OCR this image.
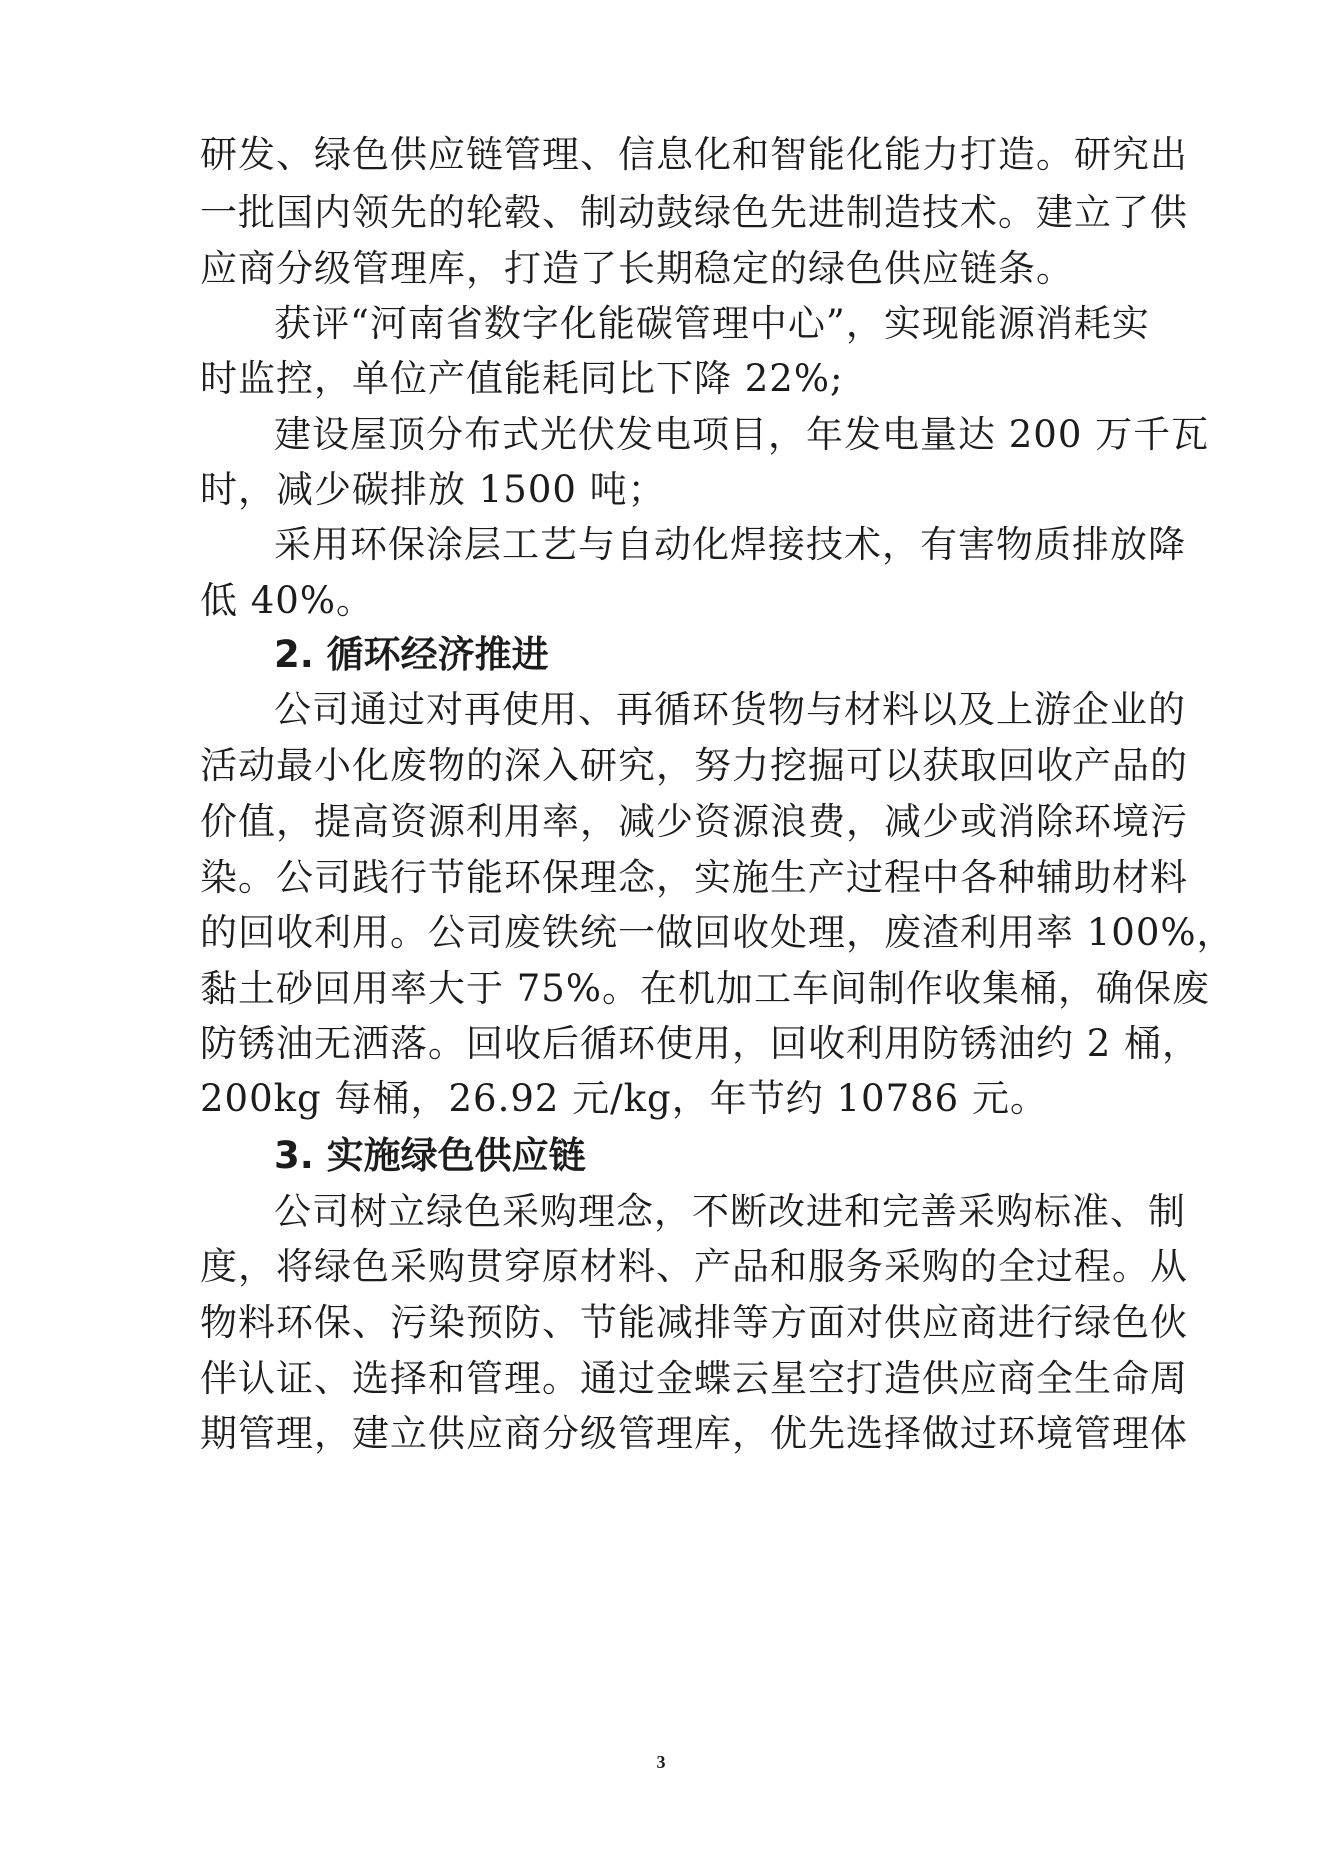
研发、绿色供应链管理、信息化和智能化能力打造。研究出
一批国内领先的轮毂、制动鼓绿色先进制造技术。建立了供
应商分级管理库，打造了长期稳定的绿色供应链条。
获评“河南省数字化能碳管理中心”，实现能源消耗实
时监控，单位产值能耗同比下降 22%;
建设屋顶分布式光伏发电项目，年发电量达 200 万千瓦
时，减少碳排放 1500 吨；
采用环保涂层工艺与自动化焊接技术，有害物质排放降
低 40%。
2. 循环经济推进
公司通过对再使用、再循环货物与材料以及上游企业的
活动最小化废物的深入研究，努力挖掘可以获取回收产品的
价值，提高资源利用率，减少资源浪费，减少或消除环境污
染。公司践行节能环保理念，实施生产过程中各种辅助材料
的回收利用。公司废铁统一做回收处理，废渣利用率 100%，
黏土砂回用率大于 75%。在机加工车间制作收集桶，确保废
防锈油无洒落。回收后循环使用，回收利用防锈油约 2 桶，
200kg 每桶，26.92 元/kg，年节约 10786 元。
3. 实施绿色供应链
公司树立绿色采购理念，不断改进和完善采购标准、制
度，将绿色采购贯穿原材料、产品和服务采购的全过程。从
物料环保、污染预防、节能减排等方面对供应商进行绿色伙
伴认证、选择和管理。通过金蝶云星空打造供应商全生命周
期管理，建立供应商分级管理库，优先选择做过环境管理体
3
